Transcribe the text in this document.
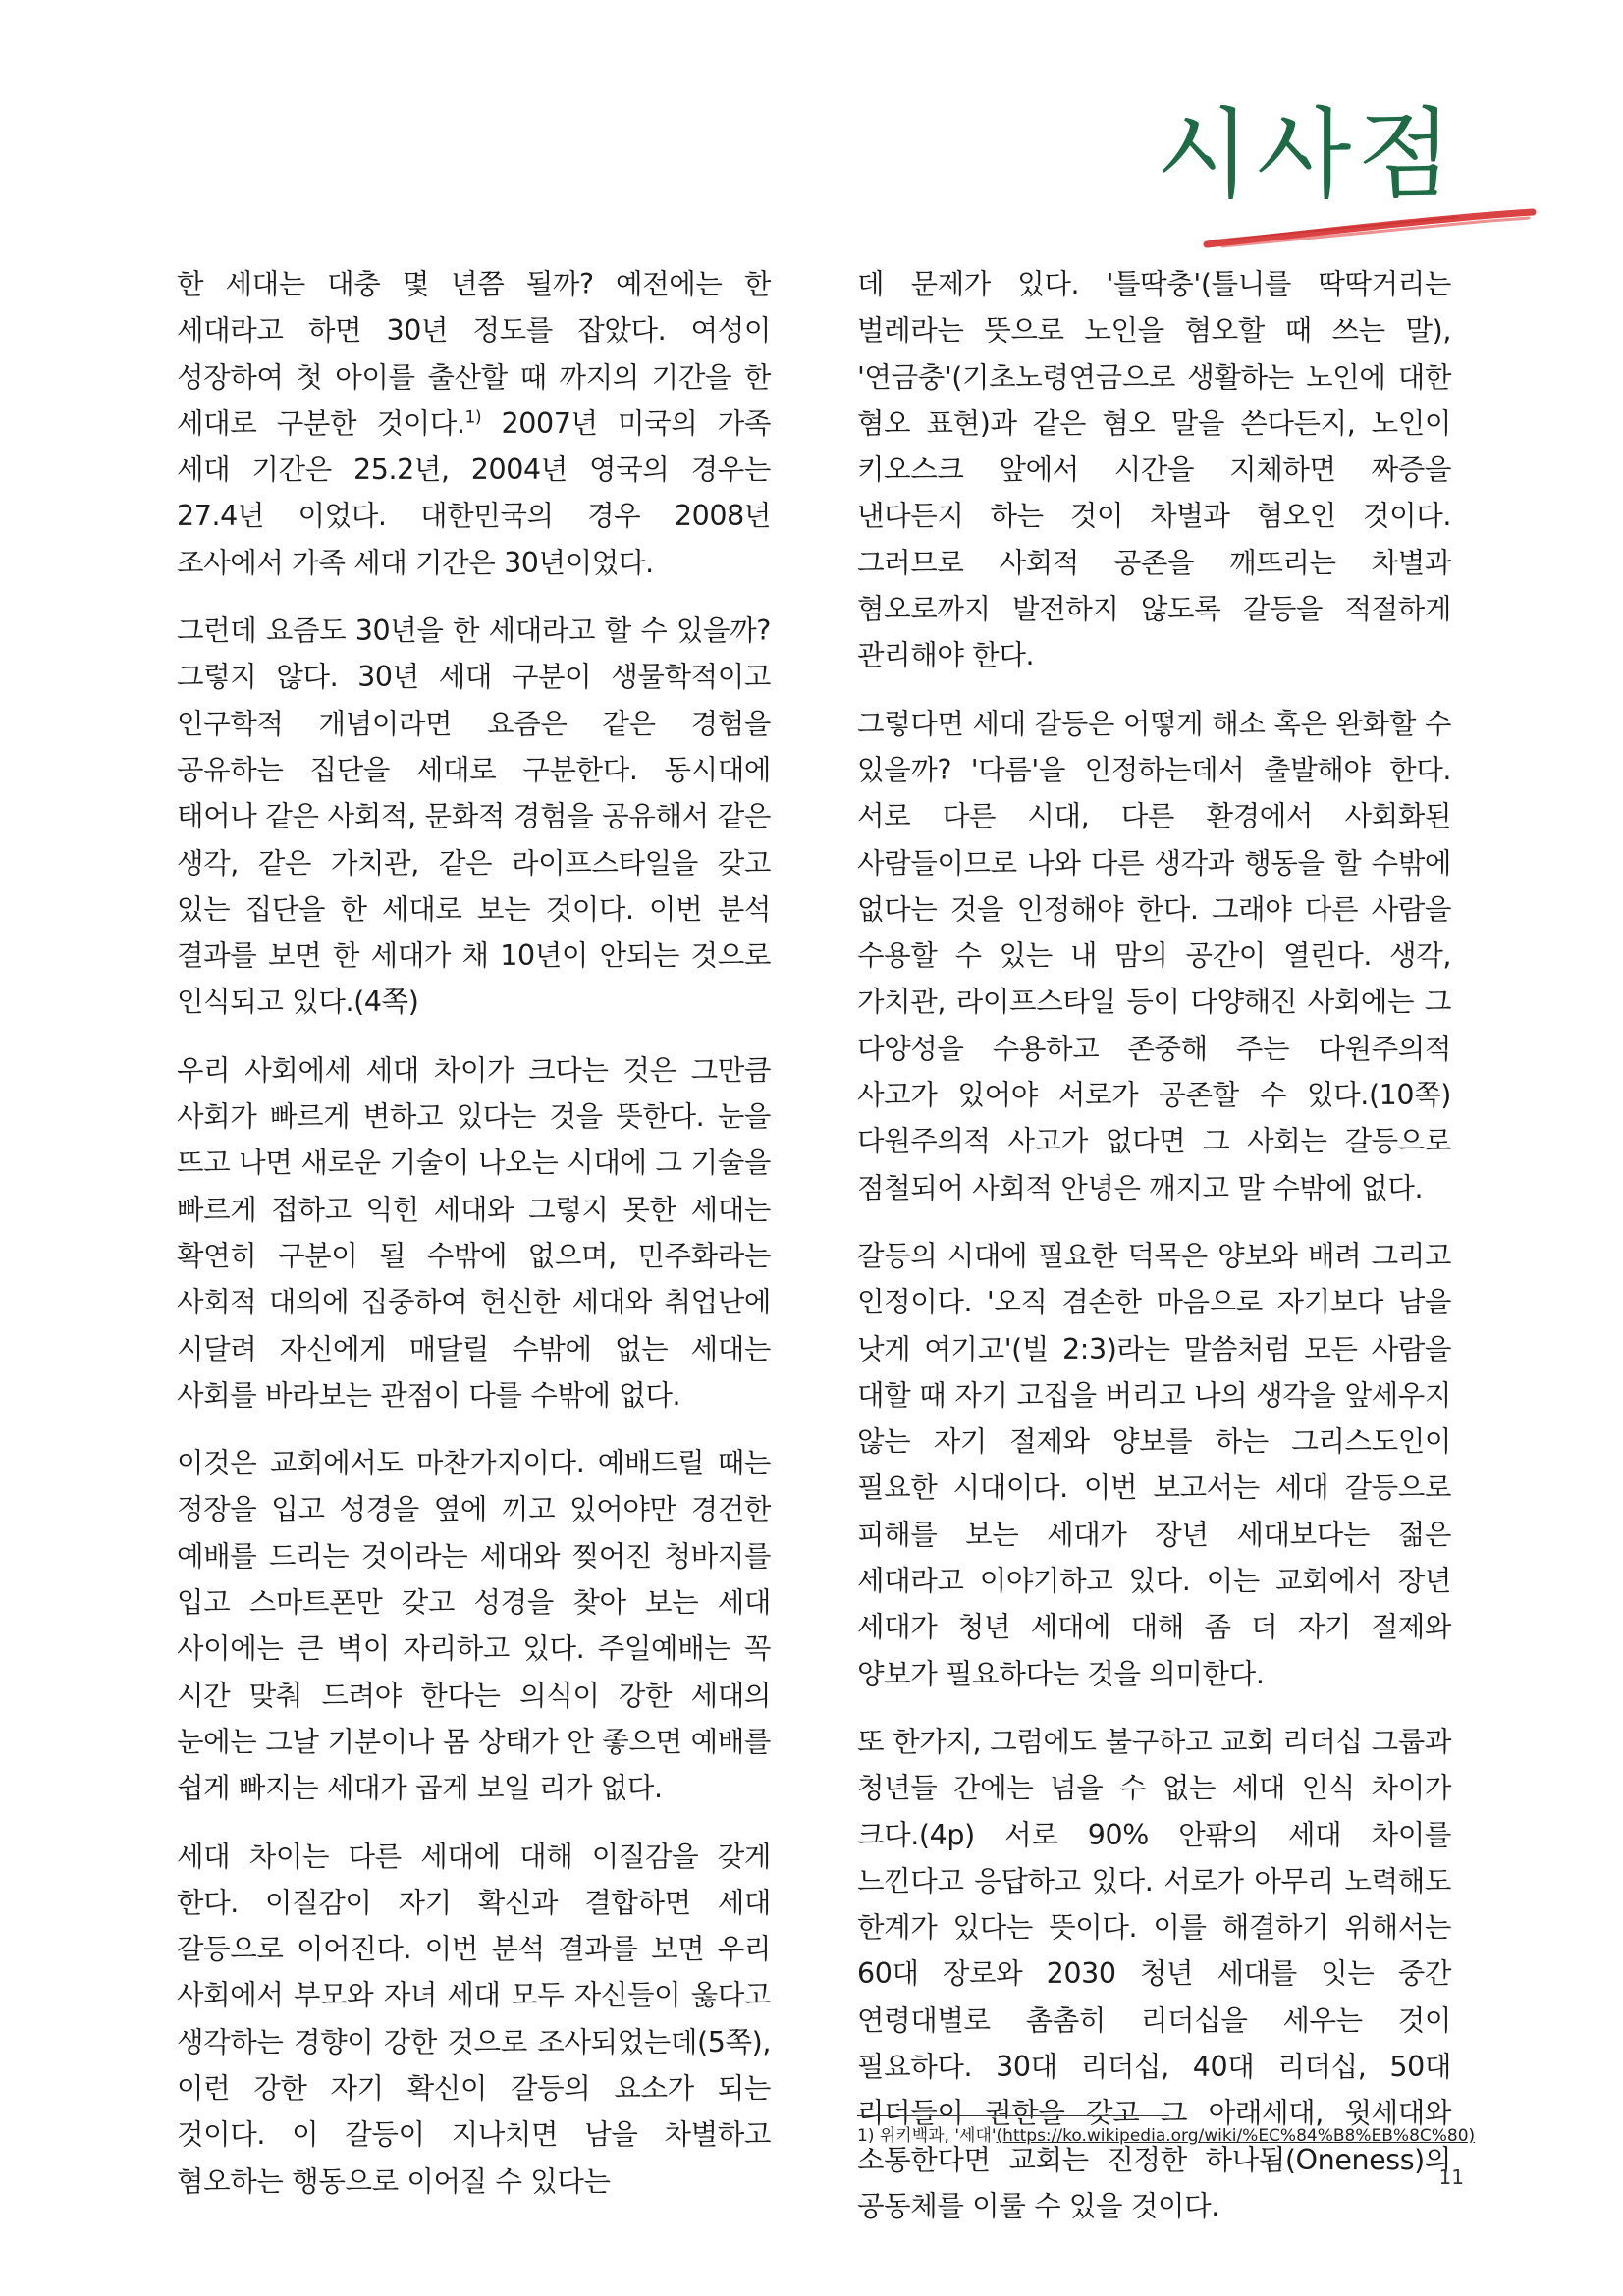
시사점

한 세대는 대충 몇 년쯤 될까? 예전에는 한 세대라고 하면 30년 정도를 잡았다. 여성이 성장하여 첫 아이를 출산할 때 까지의 기간을 한 세대로 구분한 것이다.$^{1)}$ 2007년 미국의 가족 세대 기간은 25.2년, 2004년 영국의 경우는 27.4년 이었다. 대한민국의 경우 2008년 조사에서 가족 세대 기간은 30년이었다.

그런데 요즘도 30년을 한 세대라고 할 수 있을까? 그렇지 않다. 30년 세대 구분이 생물학적이고 인구학적 개념이라면 요즘은 같은 경험을 공유하는 집단을 세대로 구분한다. 동시대에 태어나 같은 사회적, 문화적 경험을 공유해서 같은 생각, 같은 가치관, 같은 라이프스타일을 갖고 있는 집단을 한 세대로 보는 것이다. 이번 분석 결과를 보면 한 세대가 채 10년이 안되는 것으로 인식되고 있다.(4쪽)

우리 사회에세 세대 차이가 크다는 것은 그만큼 사회가 빠르게 변하고 있다는 것을 뜻한다. 눈을 뜨고 나면 새로운 기술이 나오는 시대에 그 기술을 빠르게 접하고 익힌 세대와 그렇지 못한 세대는 확연히 구분이 될 수밖에 없으며, 민주화라는 사회적 대의에 집중하여 헌신한 세대와 취업난에 시달려 자신에게 매달릴 수밖에 없는 세대는 사회를 바라보는 관점이 다를 수밖에 없다.

이것은 교회에서도 마찬가지이다. 예배드릴 때는 정장을 입고 성경을 옆에 끼고 있어야만 경건한 예배를 드리는 것이라는 세대와 찢어진 청바지를 입고 스마트폰만 갖고 성경을 찾아 보는 세대 사이에는 큰 벽이 자리하고 있다. 주일예배는 꼭 시간 맞춰 드려야 한다는 의식이 강한 세대의 눈에는 그날 기분이나 몸 상태가 안 좋으면 예배를 쉽게 빠지는 세대가 곱게 보일 리가 없다.

세대 차이는 다른 세대에 대해 이질감을 갖게 한다. 이질감이 자기 확신과 결합하면 세대 갈등으로 이어진다. 이번 분석 결과를 보면 우리 사회에서 부모와 자녀 세대 모두 자신들이 옳다고 생각하는 경향이 강한 것으로 조사되었는데(5쪽), 이런 강한 자기 확신이 갈등의 요소가 되는 것이다. 이 갈등이 지나치면 남을 차별하고 혐오하는 행동으로 이어질 수 있다는

데 문제가 있다. '틀딱충'(틀니를 딱딱거리는 벌레라는 뜻으로 노인을 혐오할 때 쓰는 말), '연금충'(기초노령연금으로 생활하는 노인에 대한 혐오 표현)과 같은 혐오 말을 쓴다든지, 노인이 키오스크 앞에서 시간을 지체하면 짜증을 낸다든지 하는 것이 차별과 혐오인 것이다. 그러므로 사회적 공존을 깨뜨리는 차별과 혐오로까지 발전하지 않도록 갈등을 적절하게 관리해야 한다.

그렇다면 세대 갈등은 어떻게 해소 혹은 완화할 수 있을까? '다름'을 인정하는데서 출발해야 한다. 서로 다른 시대, 다른 환경에서 사회화된 사람들이므로 나와 다른 생각과 행동을 할 수밖에 없다는 것을 인정해야 한다. 그래야 다른 사람을 수용할 수 있는 내 맘의 공간이 열린다. 생각, 가치관, 라이프스타일 등이 다양해진 사회에는 그 다양성을 수용하고 존중해 주는 다원주의적 사고가 있어야 서로가 공존할 수 있다.(10쪽) 다원주의적 사고가 없다면 그 사회는 갈등으로 점철되어 사회적 안녕은 깨지고 말 수밖에 없다.

갈등의 시대에 필요한 덕목은 양보와 배려 그리고 인정이다. '오직 겸손한 마음으로 자기보다 남을 낫게 여기고'(빌 2:3)라는 말씀처럼 모든 사람을 대할 때 자기 고집을 버리고 나의 생각을 앞세우지 않는 자기 절제와 양보를 하는 그리스도인이 필요한 시대이다. 이번 보고서는 세대 갈등으로 피해를 보는 세대가 장년 세대보다는 젊은 세대라고 이야기하고 있다. 이는 교회에서 장년 세대가 청년 세대에 대해 좀 더 자기 절제와 양보가 필요하다는 것을 의미한다.

또 한가지, 그럼에도 불구하고 교회 리더십 그룹과 청년들 간에는 넘을 수 없는 세대 인식 차이가 크다.(4p) 서로 90% 안팎의 세대 차이를 느낀다고 응답하고 있다. 서로가 아무리 노력해도 한계가 있다는 뜻이다. 이를 해결하기 위해서는 60대 장로와 2030 청년 세대를 잇는 중간 연령대별로 촘촘히 리더십을 세우는 것이 필요하다. 30대 리더십, 40대 리더십, 50대 리더들이 권한을 갖고 그 아래세대, 윗세대와 소통한다면 교회는 진정한 하나됨(Oneness)의 공동체를 이룰 수 있을 것이다.

1) 위키백과, '세대'(https://ko.wikipedia.org/wiki/%EC%84%B8%EB%8C%80)
11
